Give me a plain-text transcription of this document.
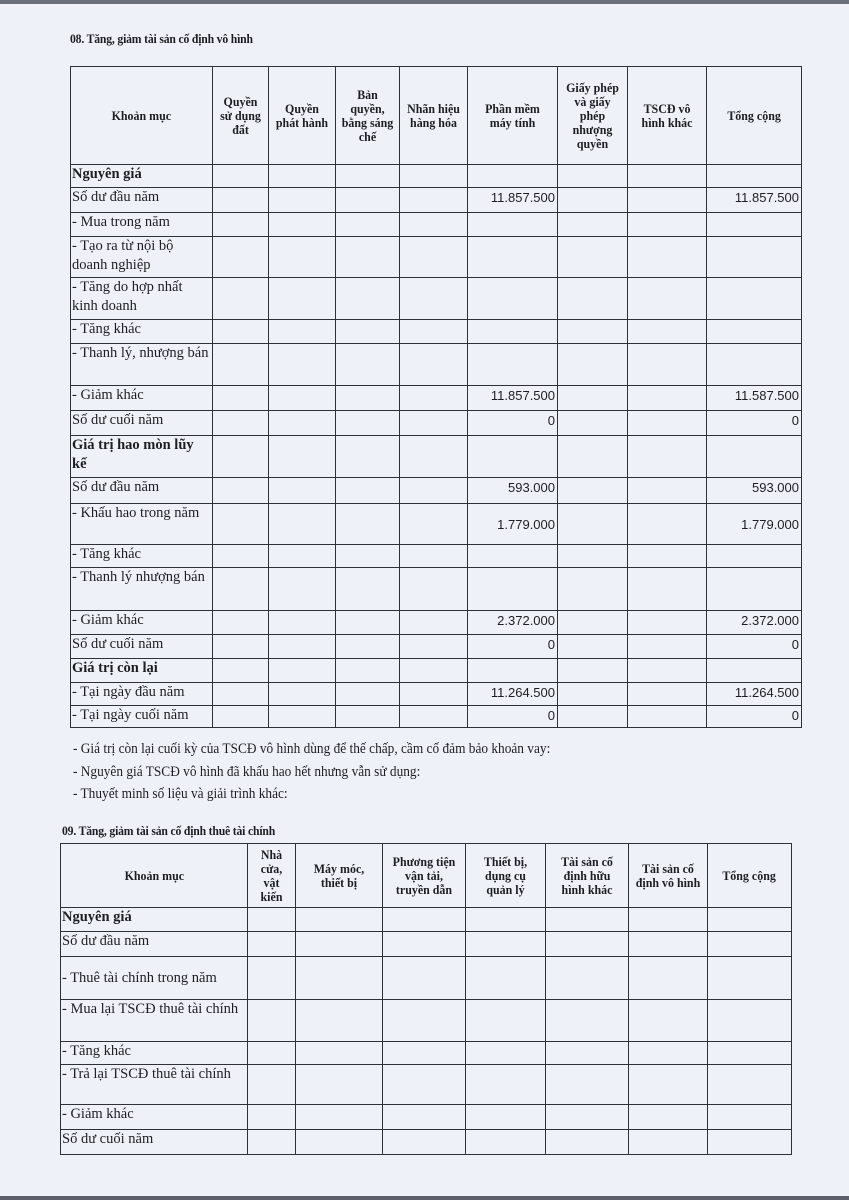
08. Tăng, giảm tài sản cố định vô hình
Khoản mục	Quyền sử dụng đất	Quyền phát hành	Bản quyền, bằng sáng chế	Nhãn hiệu hàng hóa	Phần mềm máy tính	Giấy phép và giấy phép nhượng quyền	TSCĐ vô hình khác	Tổng cộng
Nguyên giá								
Số dư đầu năm					11.857.500			11.857.500
- Mua trong năm								
- Tạo ra từ nội bộ doanh nghiệp								
- Tăng do hợp nhất kinh doanh								
- Tăng khác								
- Thanh lý, nhượng bán								
- Giảm khác					11.857.500			11.587.500
Số dư cuối năm					0			0
Giá trị hao mòn lũy kế								
Số dư đầu năm					593.000			593.000
- Khấu hao trong năm					1.779.000			1.779.000
- Tăng khác								
- Thanh lý nhượng bán								
- Giảm khác					2.372.000			2.372.000
Số dư cuối năm					0			0
Giá trị còn lại								
- Tại ngày đầu năm					11.264.500			11.264.500
- Tại ngày cuối năm					0			0
- Giá trị còn lại cuối kỳ của TSCĐ vô hình dùng để thế chấp, cầm cố đảm bảo khoản vay:
- Nguyên giá TSCĐ vô hình đã khấu hao hết nhưng vẫn sử dụng:
- Thuyết minh số liệu và giải trình khác:
09. Tăng, giảm tài sản cố định thuê tài chính
Khoản mục	Nhà cửa, vật kiến	Máy móc, thiết bị	Phương tiện vận tải, truyền dẫn	Thiết bị, dụng cụ quản lý	Tài sản cố định hữu hình khác	Tài sản cố định vô hình	Tổng cộng
Nguyên giá							
Số dư đầu năm							
- Thuê tài chính trong năm							
- Mua lại TSCĐ thuê tài chính							
- Tăng khác							
- Trả lại TSCĐ thuê tài chính							
- Giảm khác							
Số dư cuối năm							
